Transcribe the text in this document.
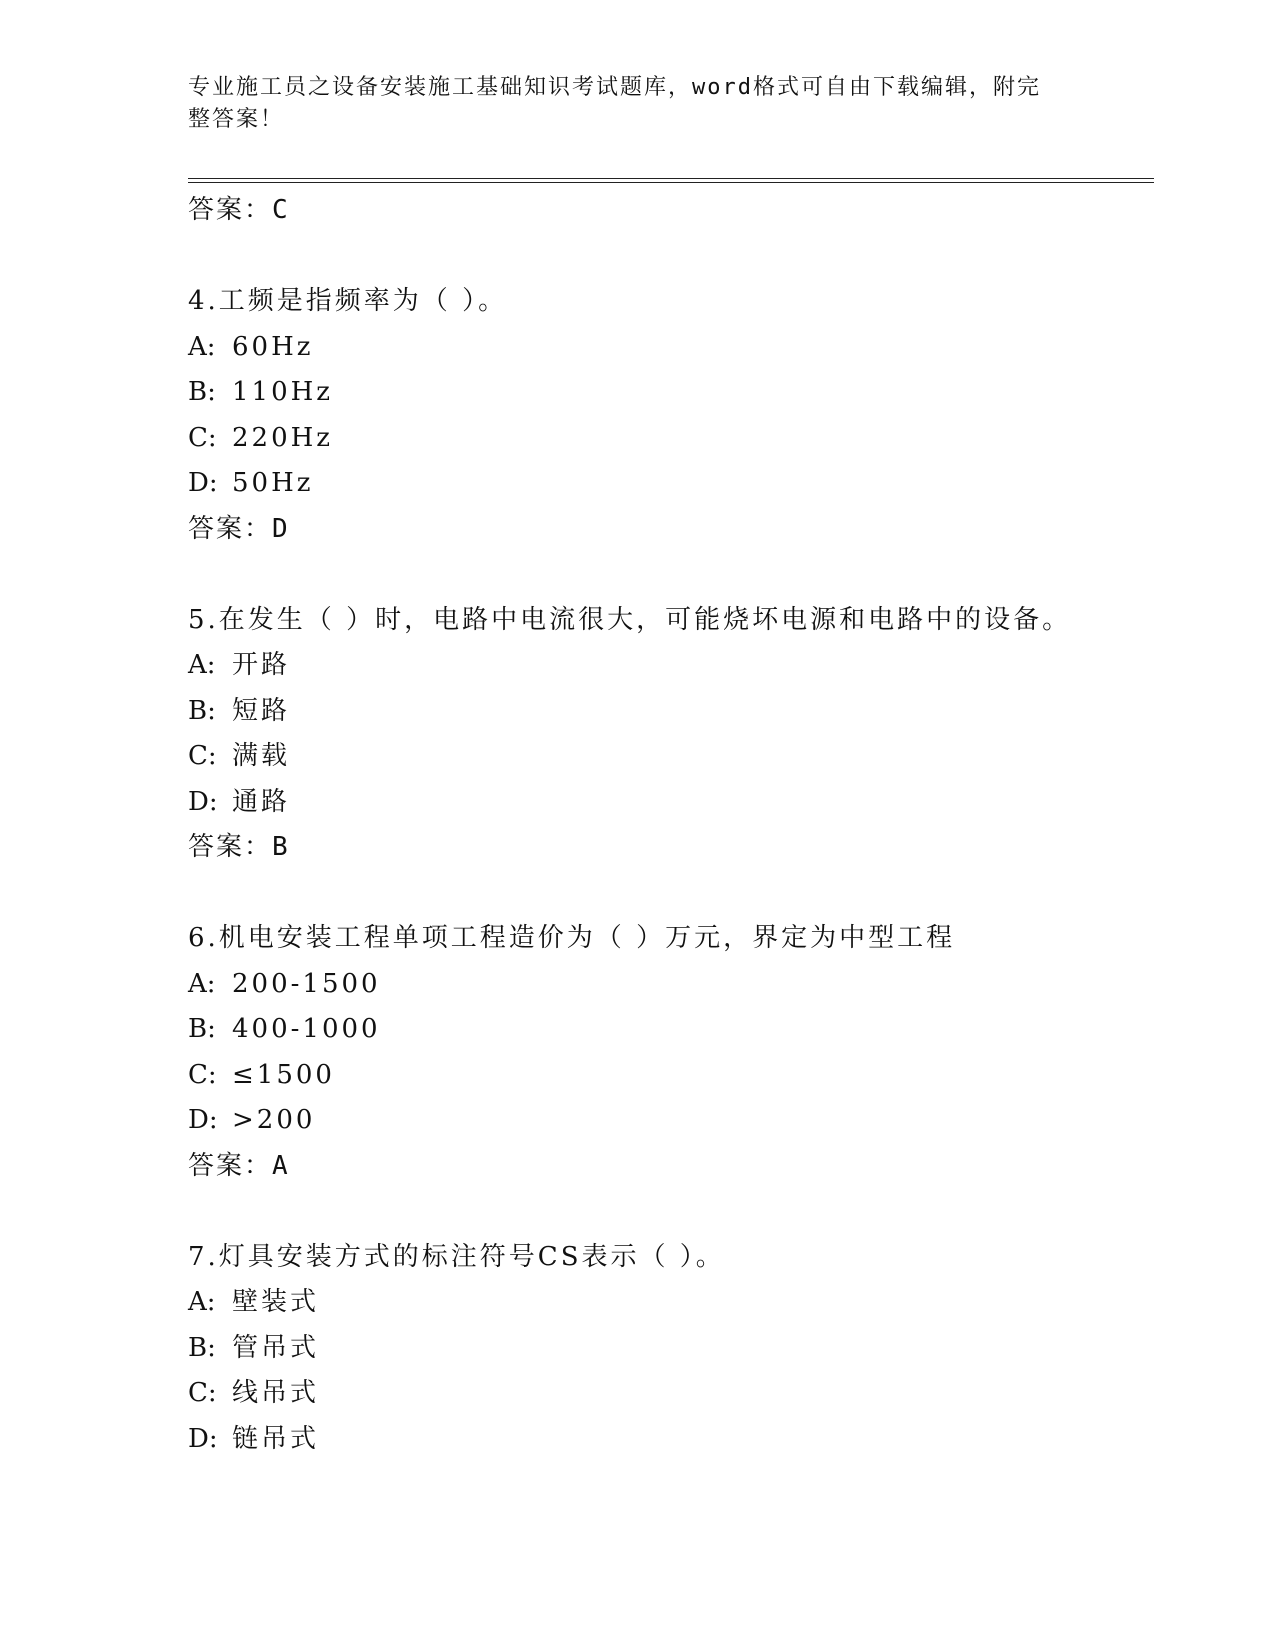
专业施工员之设备安装施工基础知识考试题库，word格式可自由下载编辑，附完
整答案！
答案：C
4.工频是指频率为（ ）。
A: 60Hz
B: 110Hz
C: 220Hz
D: 50Hz
答案：D
5.在发生（ ）时，电路中电流很大，可能烧坏电源和电路中的设备。
A: 开路
B: 短路
C: 满载
D: 通路
答案：B
6.机电安装工程单项工程造价为（ ）万元，界定为中型工程
A: 200-1500
B: 400-1000
C: ≤1500
D: >200
答案：A
7.灯具安装方式的标注符号CS表示（ ）。
A: 壁装式
B: 管吊式
C: 线吊式
D: 链吊式
